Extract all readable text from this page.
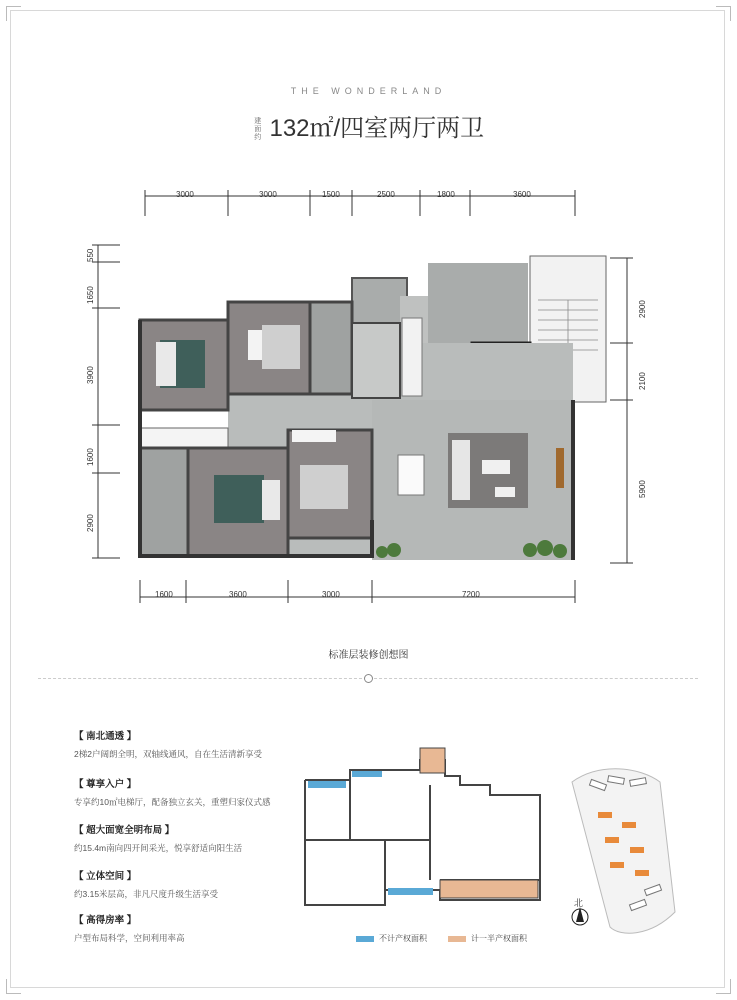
THE WONDERLAND
建面约 132㎡/四室两厅两卫
3000	3000	1500	2500	1800	3600
1600	3600	3000	7200
550
1650
3900
1600
2900
2900
2100
5900
标准层装修创想图
【 南北通透 】
2梯2户阔朗全明，双轴线通风，自在生活清新享受
【 尊享入户 】
专享约10㎡电梯厅，配备独立玄关，重塑归家仪式感
【 超大面宽全明布局 】
约15.4m南向四开间采光，悦享舒适向阳生活
【 立体空间 】
约3.15米层高，非凡尺度升级生活享受
【 高得房率 】
户型布局科学，空间利用率高
北
不计产权面积	计一半产权面积
